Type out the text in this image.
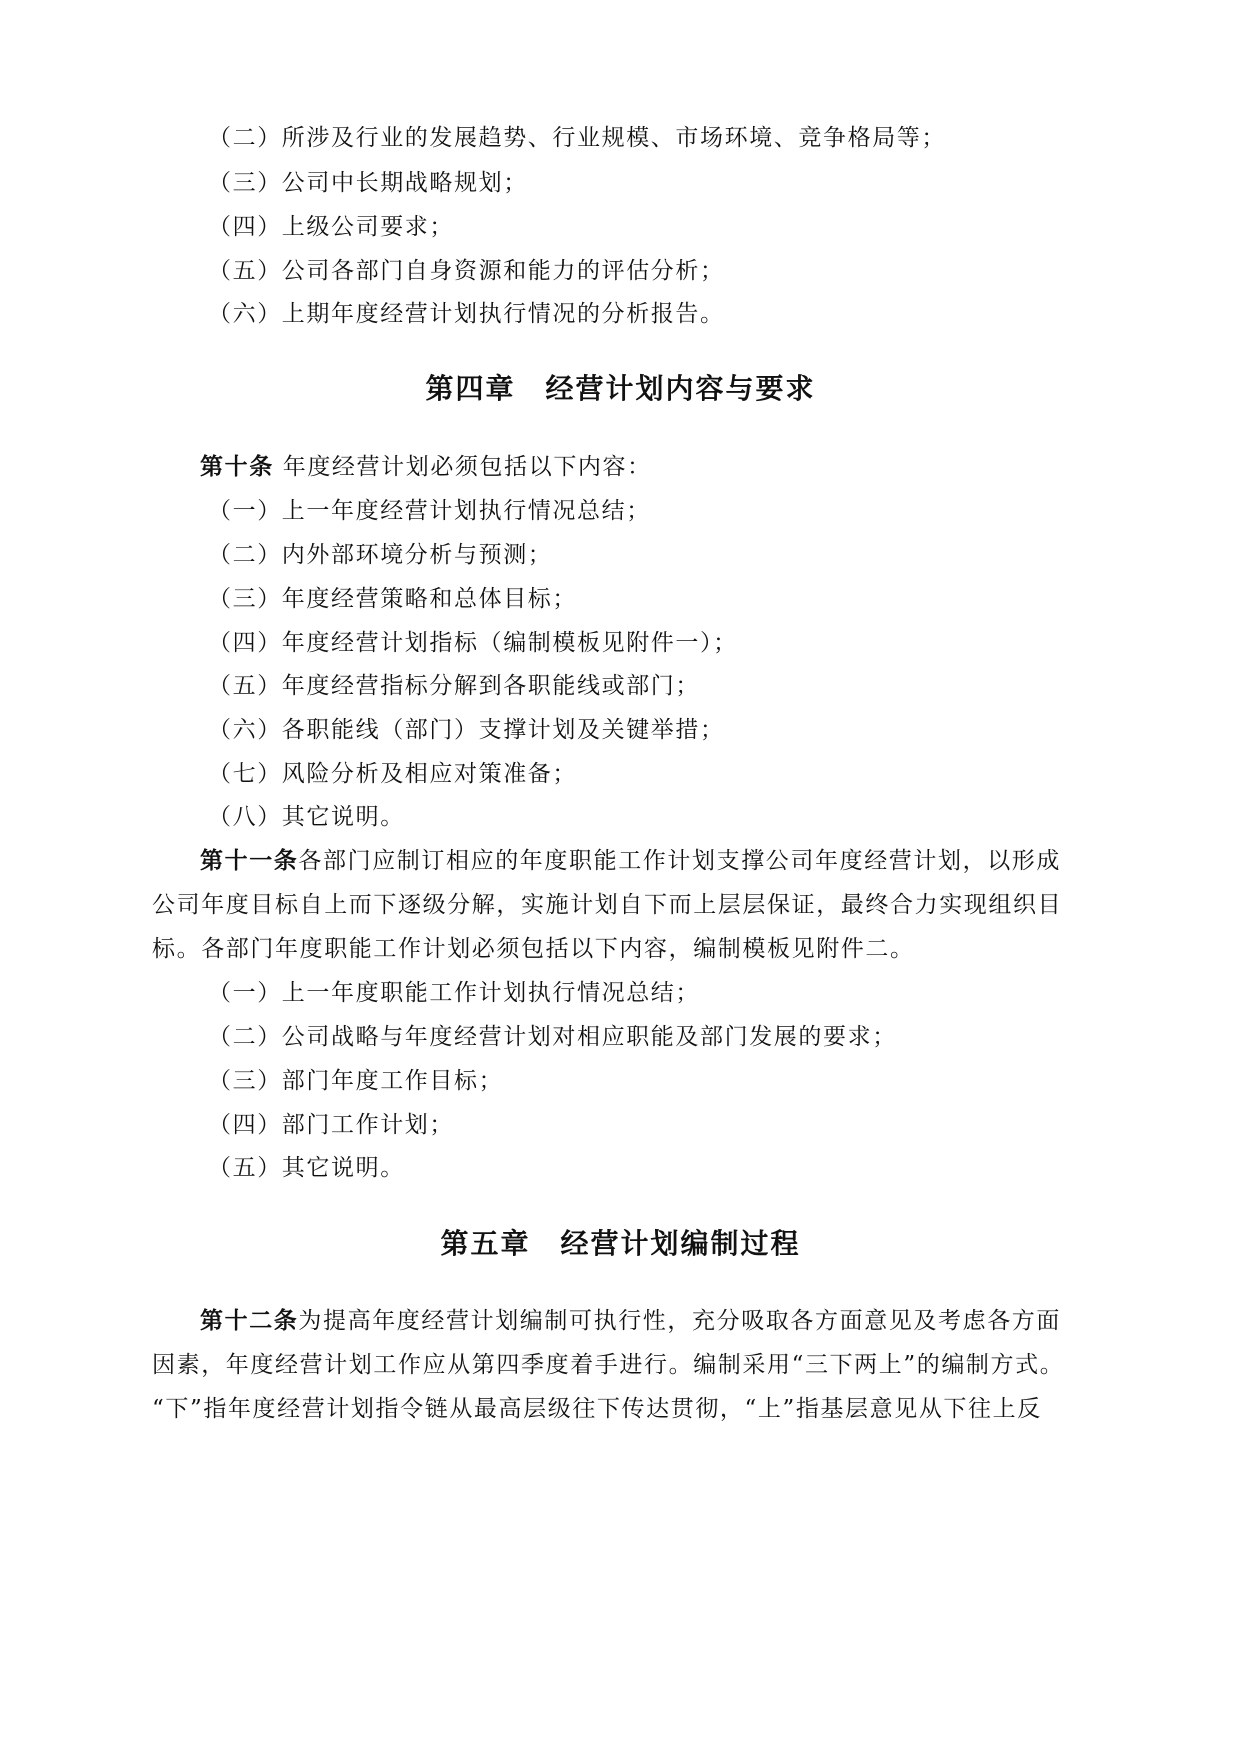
（二）所涉及行业的发展趋势、行业规模、市场环境、竞争格局等；
（三）公司中长期战略规划；
（四）上级公司要求；
（五）公司各部门自身资源和能力的评估分析；
（六）上期年度经营计划执行情况的分析报告。
第四章　经营计划内容与要求
第十条 年度经营计划必须包括以下内容：
（一）上一年度经营计划执行情况总结；
（二）内外部环境分析与预测；
（三）年度经营策略和总体目标；
（四）年度经营计划指标（编制模板见附件一）；
（五）年度经营指标分解到各职能线或部门；
（六）各职能线（部门）支撑计划及关键举措；
（七）风险分析及相应对策准备；
（八）其它说明。
第十一条各部门应制订相应的年度职能工作计划支撑公司年度经营计划，以形成
公司年度目标自上而下逐级分解，实施计划自下而上层层保证，最终合力实现组织目
标。各部门年度职能工作计划必须包括以下内容，编制模板见附件二。
（一）上一年度职能工作计划执行情况总结；
（二）公司战略与年度经营计划对相应职能及部门发展的要求；
（三）部门年度工作目标；
（四）部门工作计划；
（五）其它说明。
第五章　经营计划编制过程
第十二条为提高年度经营计划编制可执行性，充分吸取各方面意见及考虑各方面
因素，年度经营计划工作应从第四季度着手进行。编制采用“三下两上”的编制方式。
“下”指年度经营计划指令链从最高层级往下传达贯彻，“上”指基层意见从下往上反
